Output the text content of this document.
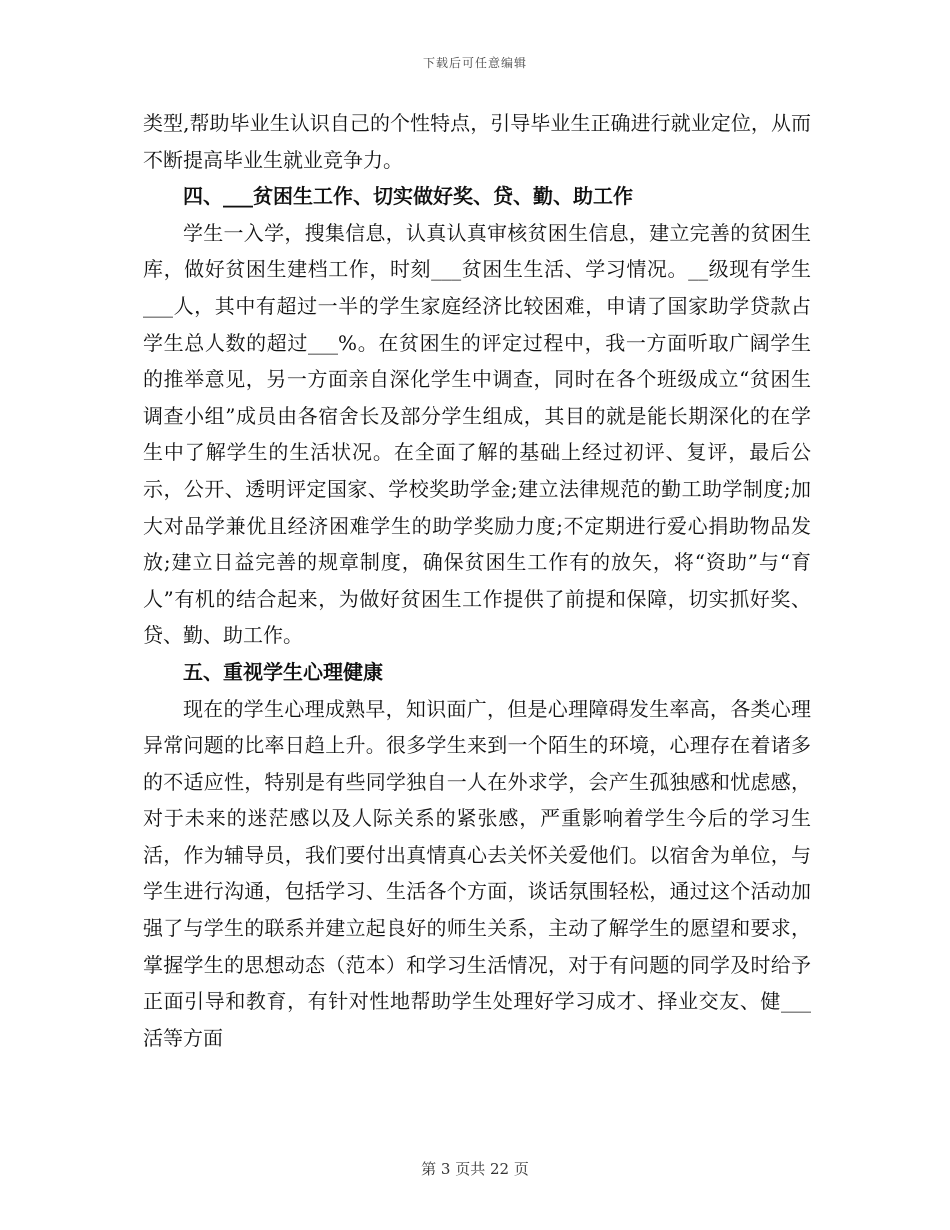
下载后可任意编辑

类型,帮助毕业生认识自己的个性特点，引导毕业生正确进行就业定位，从而不断提高毕业生就业竞争力。

四、___贫困生工作、切实做好奖、贷、勤、助工作

学生一入学，搜集信息，认真认真审核贫困生信息，建立完善的贫困生库，做好贫困生建档工作，时刻___贫困生生活、学习情况。__级现有学生___人，其中有超过一半的学生家庭经济比较困难，申请了国家助学贷款占学生总人数的超过___%。在贫困生的评定过程中，我一方面听取广阔学生的推举意见，另一方面亲自深化学生中调查，同时在各个班级成立“贫困生调查小组”成员由各宿舍长及部分学生组成，其目的就是能长期深化的在学生中了解学生的生活状况。在全面了解的基础上经过初评、复评，最后公示，公开、透明评定国家、学校奖助学金;建立法律规范的勤工助学制度;加大对品学兼优且经济困难学生的助学奖励力度;不定期进行爱心捐助物品发放;建立日益完善的规章制度，确保贫困生工作有的放矢，将“资助”与“育人”有机的结合起来，为做好贫困生工作提供了前提和保障，切实抓好奖、贷、勤、助工作。

五、重视学生心理健康

现在的学生心理成熟早，知识面广，但是心理障碍发生率高，各类心理异常问题的比率日趋上升。很多学生来到一个陌生的环境，心理存在着诸多的不适应性，特别是有些同学独自一人在外求学，会产生孤独感和忧虑感，对于未来的迷茫感以及人际关系的紧张感，严重影响着学生今后的学习生活，作为辅导员，我们要付出真情真心去关怀关爱他们。以宿舍为单位，与学生进行沟通，包括学习、生活各个方面，谈话氛围轻松，通过这个活动加强了与学生的联系并建立起良好的师生关系，主动了解学生的愿望和要求，掌握学生的思想动态（范本）和学习生活情况，对于有问题的同学及时给予正面引导和教育，有针对性地帮助学生处理好学习成才、择业交友、健___活等方面

第 3 页共 22 页
